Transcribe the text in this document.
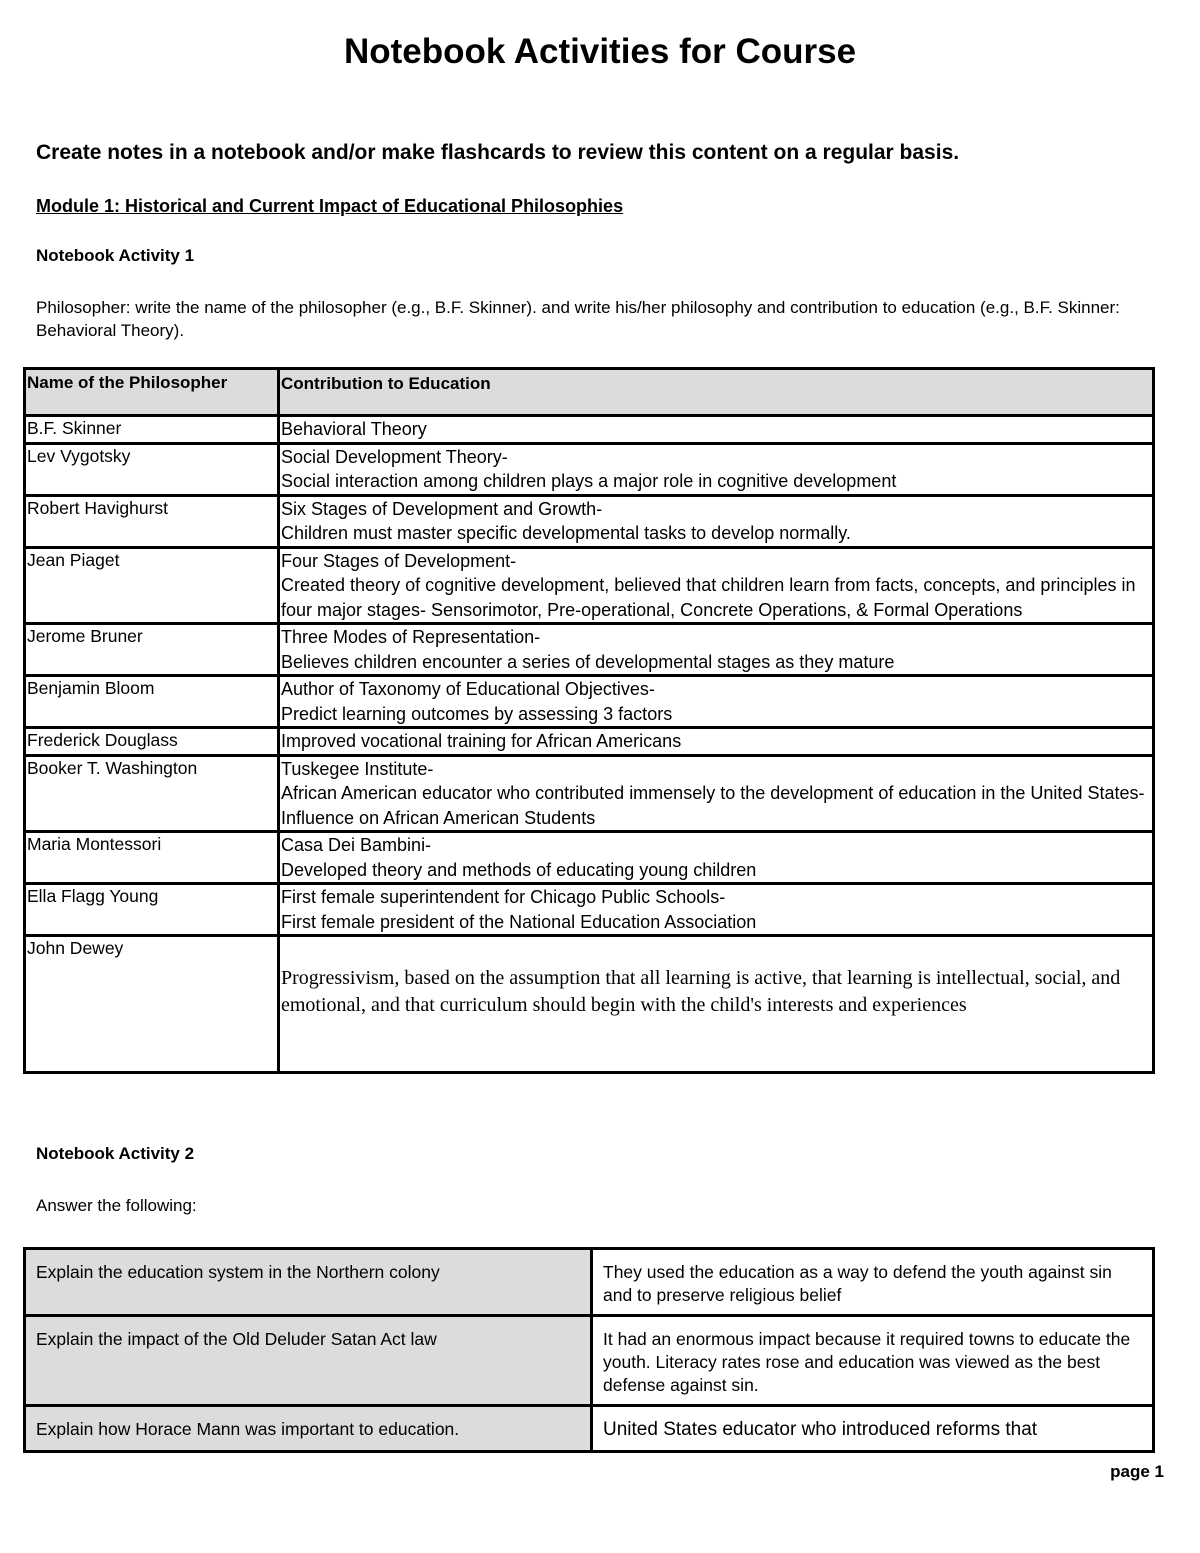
Notebook Activities for Course
Create notes in a notebook and/or make flashcards to review this content on a regular basis.
Module 1: Historical and Current Impact of Educational Philosophies
Notebook Activity 1
Philosopher: write the name of the philosopher (e.g., B.F. Skinner). and write his/her philosophy and contribution to education (e.g., B.F. Skinner: Behavioral Theory).
Name of the Philosopher	Contribution to Education
B.F. Skinner	Behavioral Theory

Lev Vygotsky	Social Development Theory-
Social interaction among children plays a major role in cognitive development

Robert Havighurst	Six Stages of Development and Growth-
Children must master specific developmental tasks to develop normally.

Jean Piaget	Four Stages of Development-
Created theory of cognitive development, believed that children learn from facts, concepts, and principles in four major stages- Sensorimotor, Pre-operational, Concrete Operations, & Formal Operations

Jerome Bruner	Three Modes of Representation-
Believes children encounter a series of developmental stages as they mature

Benjamin Bloom	Author of Taxonomy of Educational Objectives-
Predict learning outcomes by assessing 3 factors

Frederick Douglass	Improved vocational training for African Americans

Booker T. Washington	Tuskegee Institute-
African American educator who contributed immensely to the development of education in the United States- Influence on African American Students

Maria Montessori	Casa Dei Bambini-
Developed theory and methods of educating young children

Ella Flagg Young	First female superintendent for Chicago Public Schools-
First female president of the National Education Association

John Dewey	Progressivism, based on the assumption that all learning is active, that learning is intellectual, social, and emotional, and that curriculum should begin with the child's interests and experiences
Notebook Activity 2
Answer the following:
Explain the education system in the Northern colony	They used the education as a way to defend the youth against sin and to preserve religious belief
Explain the impact of the Old Deluder Satan Act law	It had an enormous impact because it required towns to educate the youth. Literacy rates rose and education was viewed as the best defense against sin.
Explain how Horace Mann was important to education.	United States educator who introduced reforms that
page 1
